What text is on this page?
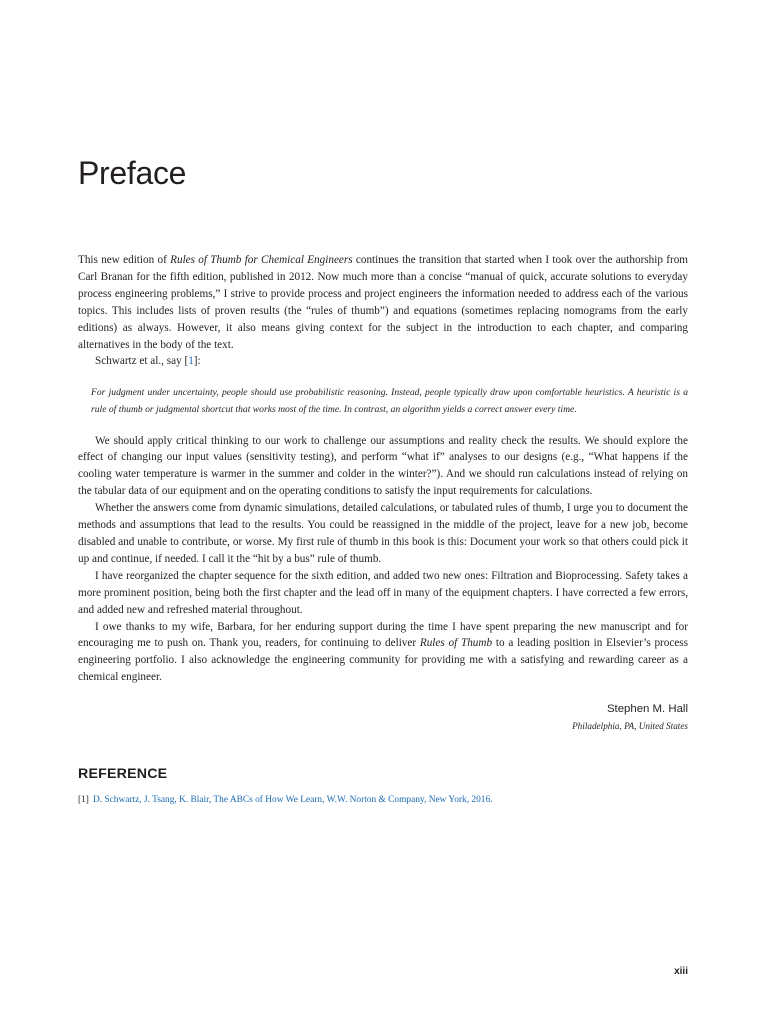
Preface

This new edition of Rules of Thumb for Chemical Engineers continues the transition that started when I took over the authorship from Carl Branan for the fifth edition, published in 2012. Now much more than a concise “manual of quick, accurate solutions to everyday process engineering problems,” I strive to provide process and project engineers the information needed to address each of the various topics. This includes lists of proven results (the “rules of thumb”) and equations (sometimes replacing nomograms from the early editions) as always. However, it also means giving context for the subject in the introduction to each chapter, and comparing alternatives in the body of the text.

Schwartz et al., say [1]:

For judgment under uncertainty, people should use probabilistic reasoning. Instead, people typically draw upon comfortable heuristics. A heuristic is a rule of thumb or judgmental shortcut that works most of the time. In contrast, an algorithm yields a correct answer every time.

We should apply critical thinking to our work to challenge our assumptions and reality check the results. We should explore the effect of changing our input values (sensitivity testing), and perform “what if” analyses to our designs (e.g., “What happens if the cooling water temperature is warmer in the summer and colder in the winter?”). And we should run calculations instead of relying on the tabular data of our equipment and on the operating conditions to satisfy the input requirements for calculations.

Whether the answers come from dynamic simulations, detailed calculations, or tabulated rules of thumb, I urge you to document the methods and assumptions that lead to the results. You could be reassigned in the middle of the project, leave for a new job, become disabled and unable to contribute, or worse. My first rule of thumb in this book is this: Document your work so that others could pick it up and continue, if needed. I call it the “hit by a bus” rule of thumb.

I have reorganized the chapter sequence for the sixth edition, and added two new ones: Filtration and Bioprocessing. Safety takes a more prominent position, being both the first chapter and the lead off in many of the equipment chapters. I have corrected a few errors, and added new and refreshed material throughout.

I owe thanks to my wife, Barbara, for her enduring support during the time I have spent preparing the new manuscript and for encouraging me to push on. Thank you, readers, for continuing to deliver Rules of Thumb to a leading position in Elsevier’s process engineering portfolio. I also acknowledge the engineering community for providing me with a satisfying and rewarding career as a chemical engineer.

Stephen M. Hall
Philadelphia, PA, United States
REFERENCE
[1] D. Schwartz, J. Tsang, K. Blair, The ABCs of How We Learn, W.W. Norton & Company, New York, 2016.
xiii
